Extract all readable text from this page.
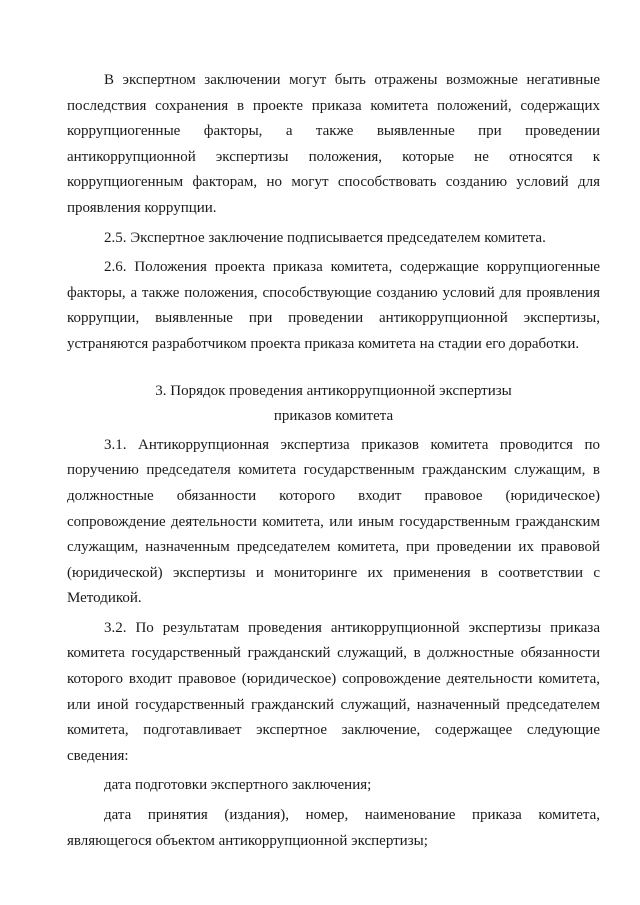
В экспертном заключении могут быть отражены возможные негативные последствия сохранения в проекте приказа комитета положений, содержащих коррупциогенные факторы, а также выявленные при проведении антикоррупционной экспертизы положения, которые не относятся к коррупциогенным факторам, но могут способствовать созданию условий для проявления коррупции.

2.5. Экспертное заключение подписывается председателем комитета.

2.6. Положения проекта приказа комитета, содержащие коррупциогенные факторы, а также положения, способствующие созданию условий для проявления коррупции, выявленные при проведении антикоррупционной экспертизы, устраняются разработчиком проекта приказа комитета на стадии его доработки.

3. Порядок проведения антикоррупционной экспертизы

приказов комитета

3.1. Антикоррупционная экспертиза приказов комитета проводится по поручению председателя комитета государственным гражданским служащим, в должностные обязанности которого входит правовое (юридическое) сопровождение деятельности комитета, или иным государственным гражданским служащим, назначенным председателем комитета, при проведении их правовой (юридической) экспертизы и мониторинге их применения в соответствии с Методикой.

3.2. По результатам проведения антикоррупционной экспертизы приказа комитета государственный гражданский служащий, в должностные обязанности которого входит правовое (юридическое) сопровождение деятельности комитета, или иной государственный гражданский служащий, назначенный председателем комитета, подготавливает экспертное заключение, содержащее следующие сведения:

дата подготовки экспертного заключения;

дата принятия (издания), номер, наименование приказа комитета, являющегося объектом антикоррупционной экспертизы;
